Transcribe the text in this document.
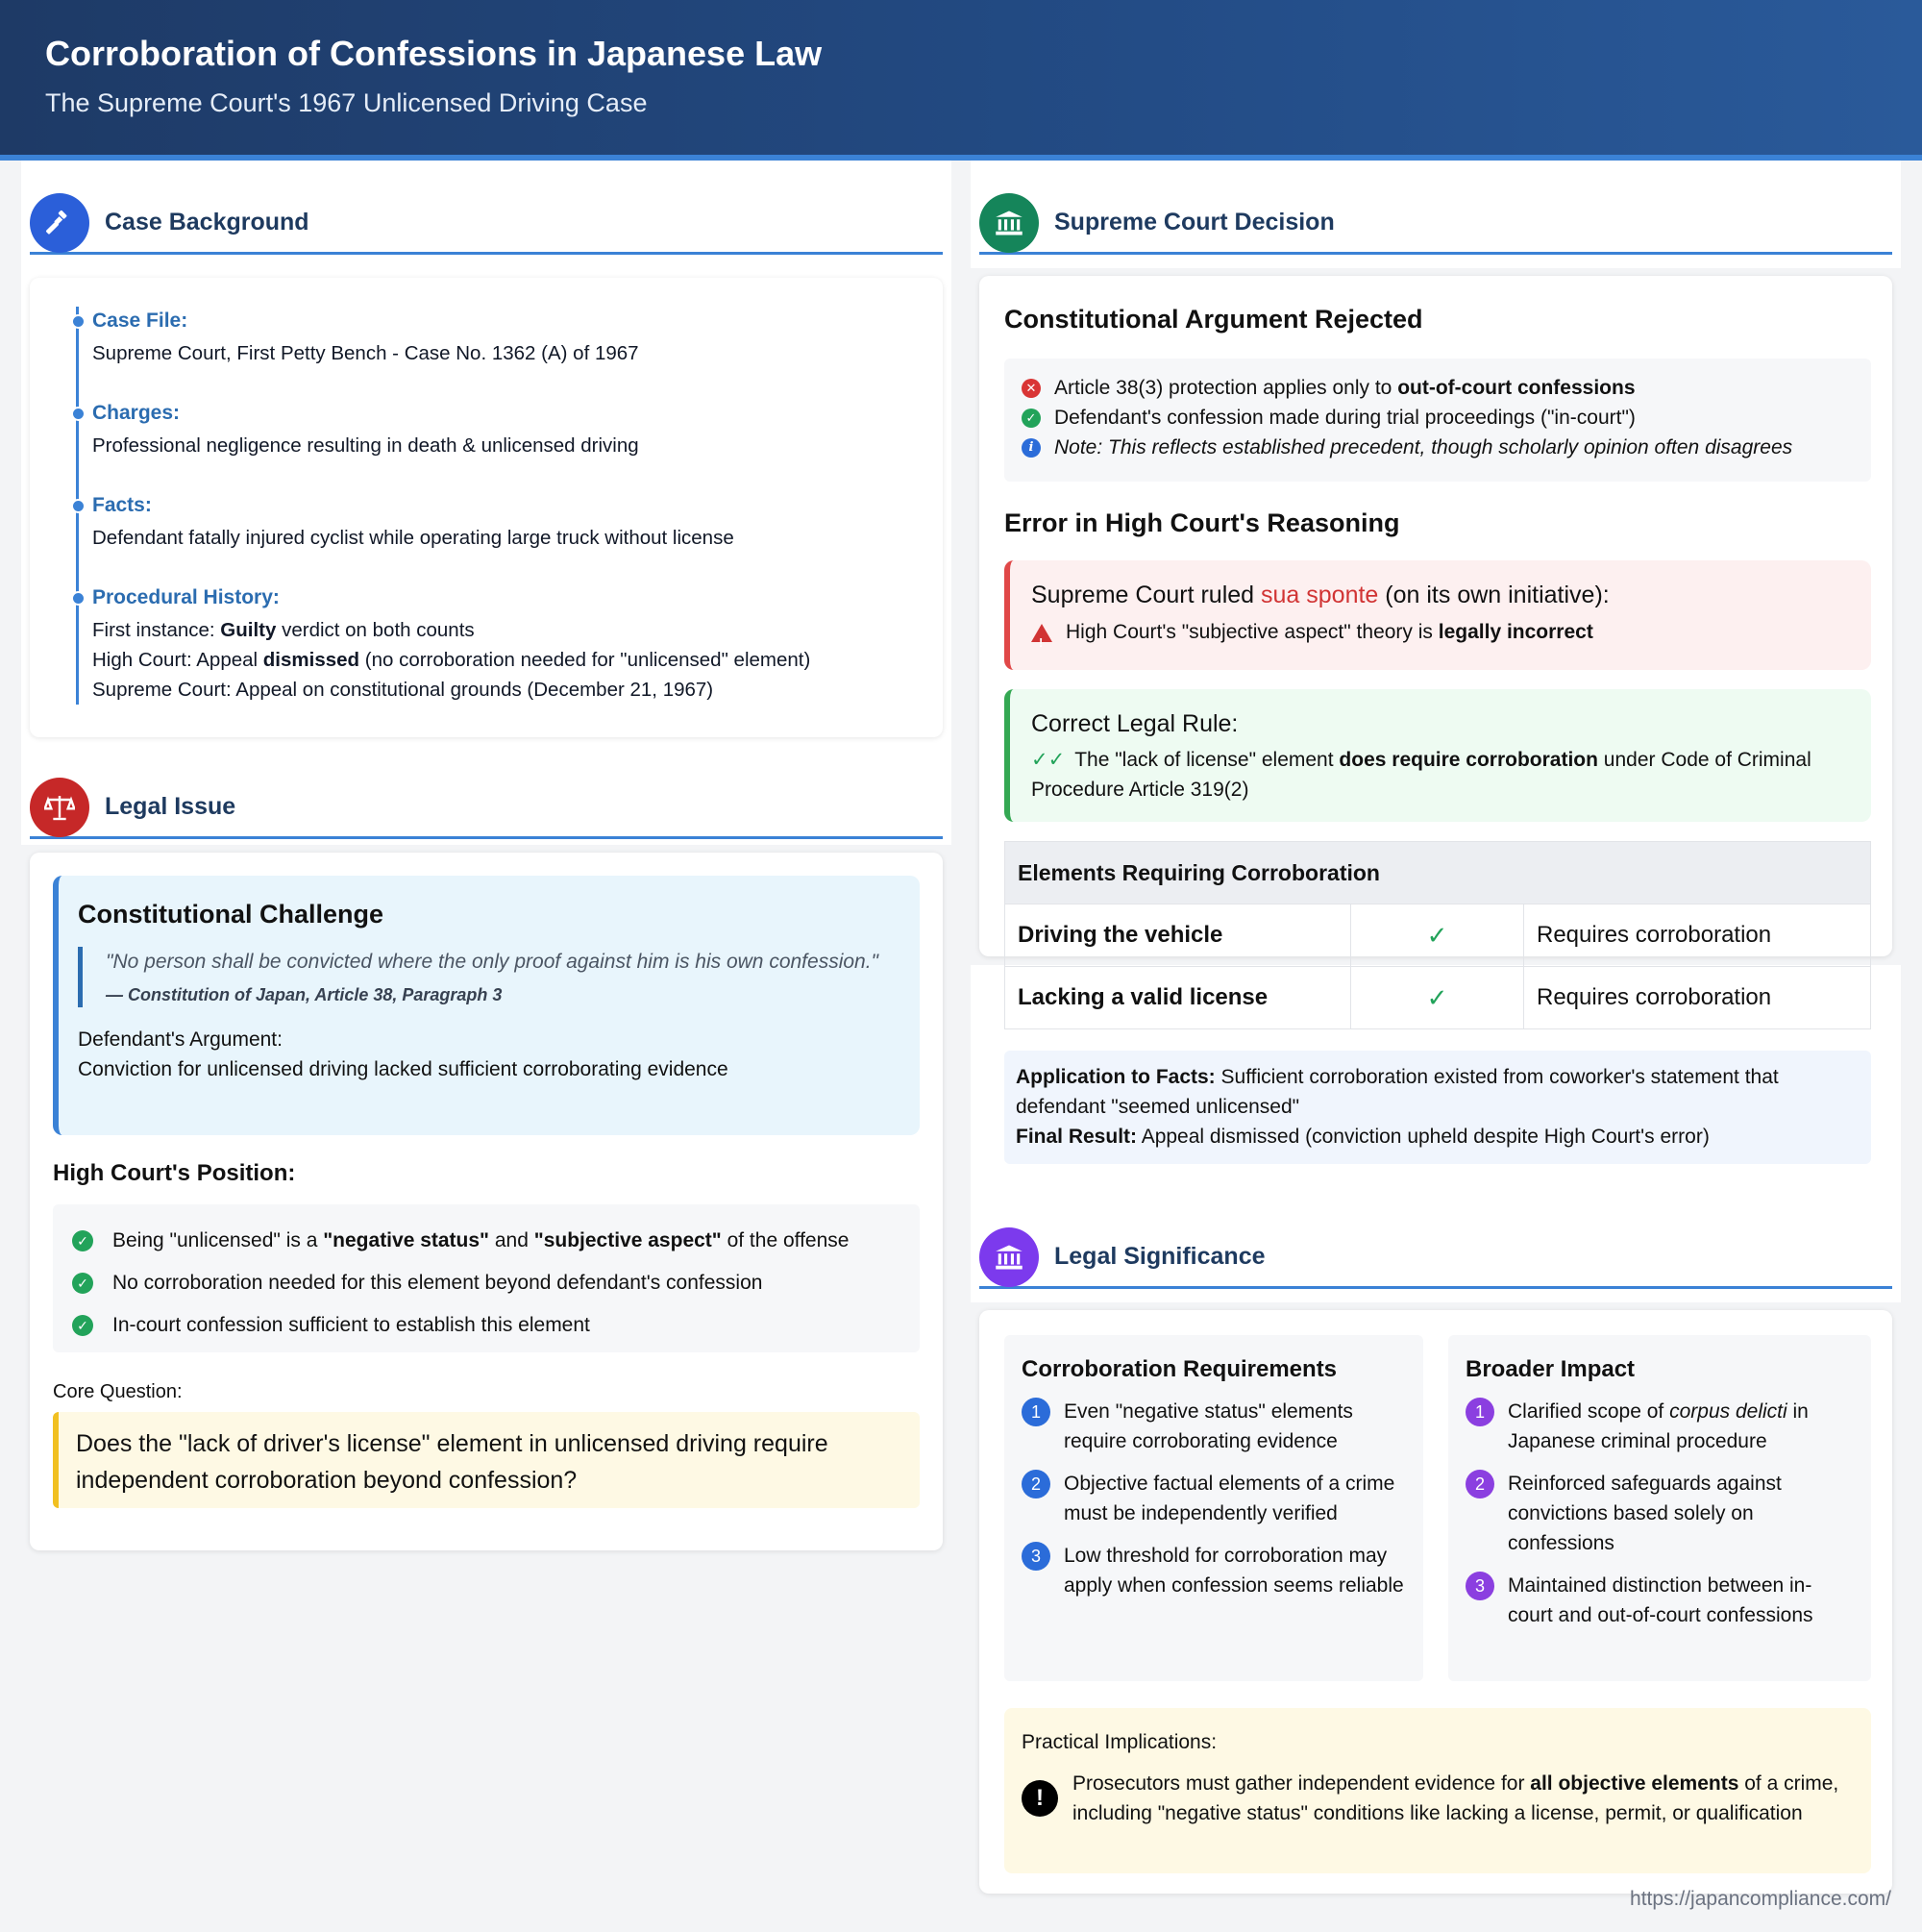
Corroboration of Confessions in Japanese Law
The Supreme Court's 1967 Unlicensed Driving Case
Case Background
Case File:
Supreme Court, First Petty Bench - Case No. 1362 (A) of 1967
Charges:
Professional negligence resulting in death & unlicensed driving
Facts:
Defendant fatally injured cyclist while operating large truck without license
Procedural History:
First instance: Guilty verdict on both counts
High Court: Appeal dismissed (no corroboration needed for "unlicensed" element)
Supreme Court: Appeal on constitutional grounds (December 21, 1967)
Legal Issue
Constitutional Challenge

"No person shall be convicted where the only proof against him is his own confession."

— Constitution of Japan, Article 38, Paragraph 3
Defendant's Argument:
Conviction for unlicensed driving lacked sufficient corroborating evidence
High Court's Position:
✓ Being "unlicensed" is a "negative status" and "subjective aspect" of the offense
✓ No corroboration needed for this element beyond defendant's confession
✓ In-court confession sufficient to establish this element
Core Question:
Does the "lack of driver's license" element in unlicensed driving require independent corroboration beyond confession?
Supreme Court Decision
Constitutional Argument Rejected
✕ Article 38(3) protection applies only to out-of-court confessions
✓ Defendant's confession made during trial proceedings ("in-court")
i	Note: This reflects established precedent, though scholarly opinion often disagrees
Error in High Court's Reasoning
Supreme Court ruled sua sponte (on its own initiative):
!
High Court's "subjective aspect" theory is legally incorrect
Correct Legal Rule:
✓✓ The "lack of license" element does require corroboration under Code of Criminal Procedure Article 319(2)
Elements Requiring Corroboration		
Driving the vehicle	✓	Requires corroboration
Lacking a valid license	✓	Requires corroboration
Application to Facts: Sufficient corroboration existed from coworker's statement that defendant "seemed unlicensed"
Final Result: Appeal dismissed (conviction upheld despite High Court's error)
Legal Significance
Corroboration Requirements
1	Even "negative status" elements require corroborating evidence
2	Objective factual elements of a crime must be independently verified
3	Low threshold for corroboration may apply when confession seems reliable
Broader Impact
1	Clarified scope of corpus delicti in Japanese criminal procedure
2	Reinforced safeguards against convictions based solely on confessions
3	Maintained distinction between in-court and out-of-court confessions
Practical Implications:
!
Prosecutors must gather independent evidence for all objective elements of a crime, including "negative status" conditions like lacking a license, permit, or qualification
https://japancompliance.com/
